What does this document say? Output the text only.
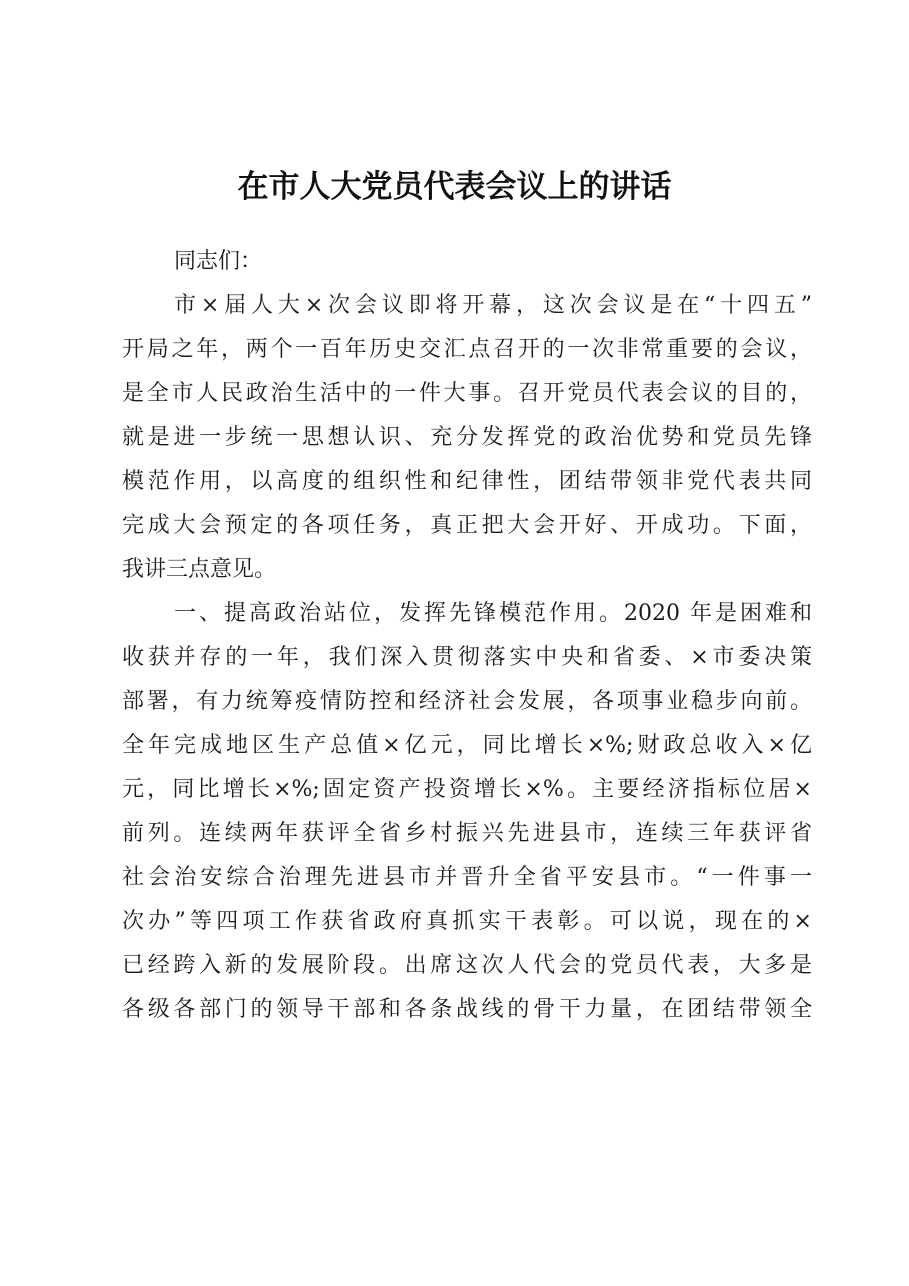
在市人大党员代表会议上的讲话
同志们：
市×届人大×次会议即将开幕，这次会议是在“十四五”
开局之年，两个一百年历史交汇点召开的一次非常重要的会议，
是全市人民政治生活中的一件大事。召开党员代表会议的目的，
就是进一步统一思想认识、充分发挥党的政治优势和党员先锋
模范作用，以高度的组织性和纪律性，团结带领非党代表共同
完成大会预定的各项任务，真正把大会开好、开成功。下面，
我讲三点意见。
一、提高政治站位，发挥先锋模范作用。2020 年是困难和
收获并存的一年，我们深入贯彻落实中央和省委、×市委决策
部署，有力统筹疫情防控和经济社会发展，各项事业稳步向前。
全年完成地区生产总值×亿元，同比增长×%;财政总收入×亿
元，同比增长×%;固定资产投资增长×%。主要经济指标位居×
前列。连续两年获评全省乡村振兴先进县市，连续三年获评省
社会治安综合治理先进县市并晋升全省平安县市。“一件事一
次办”等四项工作获省政府真抓实干表彰。可以说，现在的×
已经跨入新的发展阶段。出席这次人代会的党员代表，大多是
各级各部门的领导干部和各条战线的骨干力量，在团结带领全
